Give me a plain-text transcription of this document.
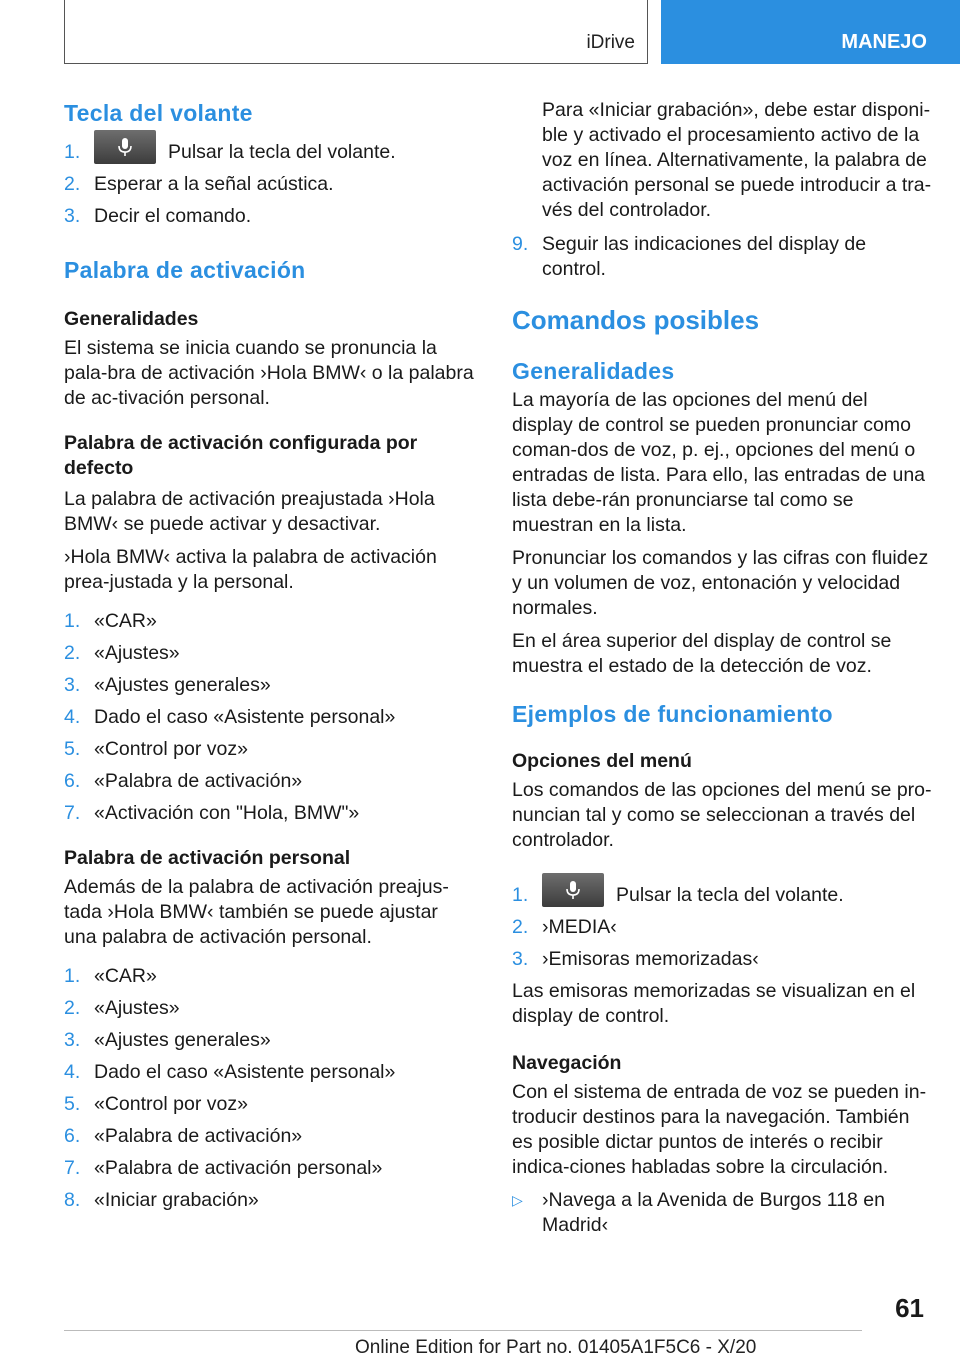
iDrive	MANEJO
Tecla del volante
1.	Pulsar la tecla del volante.
2. Esperar a la señal acústica.
3. Decir el comando.
Palabra de activación
Generalidades

El sistema se inicia cuando se pronuncia la pala-bra de activación ›Hola BMW‹ o la palabra de ac-tivación personal.

Palabra de activación configurada por defecto

La palabra de activación preajustada ›Hola BMW‹ se puede activar y desactivar.

›Hola BMW‹ activa la palabra de activación prea-justada y la personal.

1. «CAR»
2. «Ajustes»
3. «Ajustes generales»
4. Dado el caso «Asistente personal»
5. «Control por voz»
6. «Palabra de activación»
7. «Activación con "Hola, BMW"»
Palabra de activación personal

Además de la palabra de activación preajus-tada ›Hola BMW‹ también se puede ajustar una palabra de activación personal.

1. «CAR»
2. «Ajustes»
3. «Ajustes generales»
4. Dado el caso «Asistente personal»
5. «Control por voz»
6. «Palabra de activación»
7. «Palabra de activación personal»
8. «Iniciar grabación»
Para «Iniciar grabación», debe estar disponi-ble y activado el procesamiento activo de la voz en línea. Alternativamente, la palabra de activación personal se puede introducir a tra-vés del controlador.
9. Seguir las indicaciones del display de control.
Comandos posibles
Generalidades

La mayoría de las opciones del menú del display de control se pueden pronunciar como coman-dos de voz, p. ej., opciones del menú o entradas de lista. Para ello, las entradas de una lista debe-rán pronunciarse tal como se muestran en la lista.

Pronunciar los comandos y las cifras con fluidez y un volumen de voz, entonación y velocidad normales.

En el área superior del display de control se muestra el estado de la detección de voz.

Ejemplos de funcionamiento
Opciones del menú

Los comandos de las opciones del menú se pro-nuncian tal y como se seleccionan a través del controlador.

1.	Pulsar la tecla del volante.
2. ›MEDIA‹
3. ›Emisoras memorizadas‹

Las emisoras memorizadas se visualizan en el display de control.

Navegación

Con el sistema de entrada de voz se pueden in-troducir destinos para la navegación. También es posible dictar puntos de interés o recibir indica-ciones habladas sobre la circulación.

▷ ›Navega a la Avenida de Burgos 118 en Madrid‹
61
Online Edition for Part no. 01405A1F5C6 - X/20
